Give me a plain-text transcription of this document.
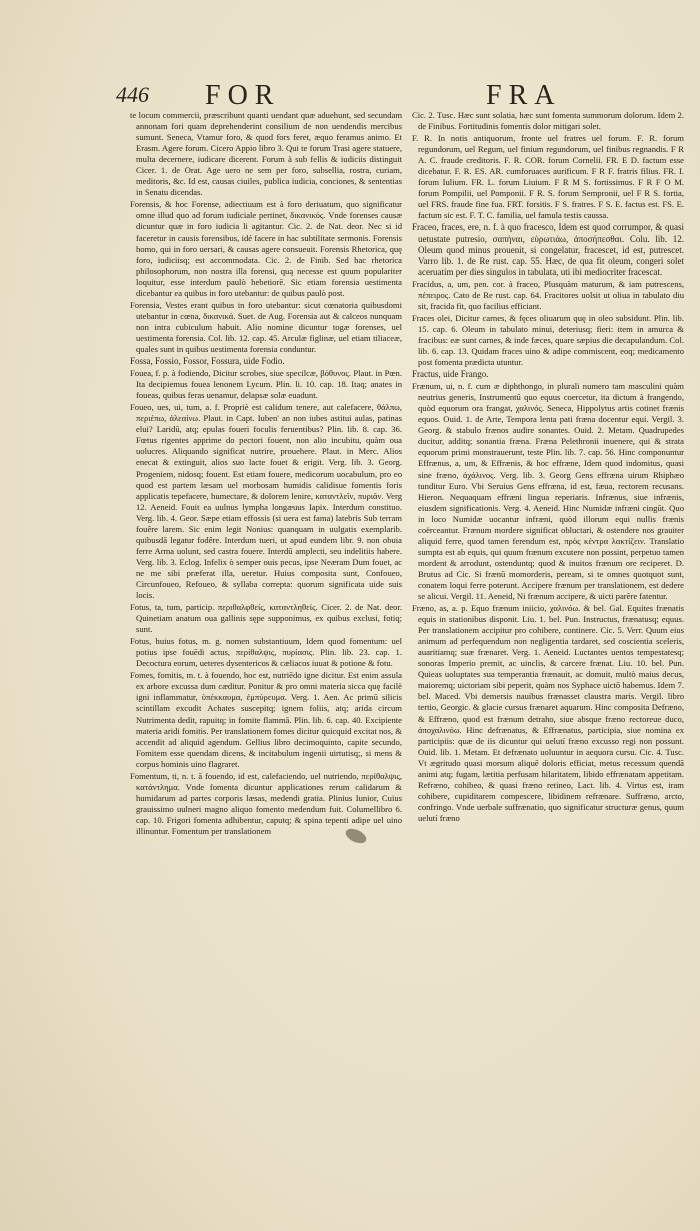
446 FOR	FRA

te locum commercii, præscribunt quanti uendant quæ aduehunt, sed secundam annonam fori quam deprehenderint consilium de non uendendis mercibus sumunt. Seneca, Vtamur foro, & quod fors feret, æquo feramus animo. Et Erasm. Agere forum. Cicero Appio libro 3. Qui te forum Trasi agere statuere, multa decernere, iudicare dicerent. Forum à sub fellis & iudiciis distinguit Cicer. 1. de Orat. Age uero ne sem per foro, subsellia, rostra, curiam, meditoris, &c. Id est, causas ciuiles, publica iudicia, conciones, & sententias in Senatu dicendas.

Forensis, & hoc Forense, adiectiuum est à foro deriuatum, quo significatur omne illud quo ad forum iudiciale pertinet, δικανικός. Vnde forenses causæ dicuntur quæ in foro iudicia li agitantur. Cic. 2. de Nat. deor. Nec si id faceretur in causis forensibus, idé facere in hac subtilitate sermonis. Forensis homo, qui in foro uersari, & causas agere consueuit. Forensis Rhetorica, quę foro, iudiciisq; est accommodata. Cic. 2. de Finib. Sed hac rhetorica philosophorum, non nostra illa forensi, quą necesse est quum populariter loquitur, esse interdum paulò hebetiorē. Sic etiam forensia uestimenta dicebantur ea quibus in foro utebantur: de quibus paulò post.

Forensia, Vestes erant quibus in foro utebantur: sicut cœnatoria quibusdomi utebantur in cœna, δικανικά. Suet. de Aug. Forensia aut & calceos nunquam non intra cubiculum habuit. Alio nomine dicuntur togæ forenses, uel uestimenta forensia. Col. lib. 12. cap. 45. Arculæ figlinæ, uel etiam tiliaceæ, quales sunt in quibus uestimenta forensia conduntur.

Fossa, Fossio, Fossor, Fossura, uide Fodio.

Fouea, f. p. à fodiendo, Dicitur scrobes, siue specilcæ, βόθυνος. Plaut. in Pœn. Ita decipiemus fouea lenonem Lycum. Plin. li. 10. cap. 18. Itaq; anates in foueas, quibus feras uenamur, delapsæ solæ euadunt.

Foueo, ues, ui, tum, a. f. Propriè est calidum tenere, aut calefacere, θάλπω, περιέπω, ἀλεαίνω. Plaut. in Capt. Iuben' an non iubes astitui aulas, patinas elui? Laridū, atq; epulas foueri foculis feruentibus? Plin. lib. 8. cap. 36. Fœtus rigentes apprime do pectori fouent, non alio incubitu, quàm oua uolucres. Aliquando significat nutrire, prouehere. Plaut. in Merc. Alios enecat & extinguit, alios suo lacte fouet & erigit. Verg. lib. 3. Georg. Progeniem, nidosq; fouent. Est etiam fouere, medicorum uocabulum, pro eo quod est partem læsam uel morbosam humidis calidisue fomentis foris applicatis tepefacere, humectare, & dolorem lenire, καταντλεῖν, πυριᾶν. Verg 12. Aeneid. Fouit ea uulnus lympha longæuus Iapix. Interdum constituo. Verg. lib. 4. Geor. Sæpe etiam effossis (si uera est fama) latebris Sub terram fouêre larem. Sic enim legit Nonius: quanquam in uulgatis exemplarib. quibusdā legatur fodêre. Interdum tueri, ut apud eundem libr. 9. non obuia ferre Arma uolunt, sed castra fouere. Interdū amplecti, seu indelitiis habere. Verg. lib. 3. Eclog. Infelix ò semper ouis pecus, ipse Neæram Dum fouet, ac ne me sibi præferat illa, ueretur. Huius composita sunt, Confoueo, Circunfoueo, Refoueo, & syllaba correpta: quorum significata uide suis locis.

Fotus, ta, tum, particip. περιθαλφθείς, καταντληθείς. Cicer. 2. de Nat. deor. Quinetiam anatum oua gallinis sępe supponimus, ex quibus exclusi, fotiq; sunt.

Fotus, huius fotus, m. g. nomen substantiuum, Idem quod fomentum: uel potius ipse fouēdi actus, περίθαλψις, πυρίασις. Plin. lib. 23. cap. 1. Decoctura eorum, ueteres dysentericos & cæliacos iuuat & potione & fotu.

Fomes, fomitis, m. t. à fouendo, hoc est, nutriēdo igne dicitur. Est enim assula ex arbore excussa dum cæditur. Ponitur & pro omni materia sicca quę facilè igni inflammatur, ὑπέκκαυμα, ἐμπύρευμα. Verg. 1. Aen. Ac primū silicis scintillam excudit Achates suscepitq; ignem foliis, atq; arida circum Nutrimenta dedit, rapuitq; in fomite flammā. Plin. lib. 6. cap. 40. Excipiente materia aridi fomitis. Per translationem fomes dicitur quicquid excitat nos, & accendit ad aliquid agendum. Gellius libro decimoquinto, capite secundo, Fomitem esse quendam dicens, & incitabulum ingenii uirtutisq;, si mens & corpus hominis uino flagraret.

Fomentum, ti, n. t. ā fouendo, id est, calefaciendo, uel nutriendo, περίθαλψις, κατάντλημα. Vnde fomenta dicuntur applicationes rerum calidarum & humidarum ad partes corporis læsas, medendi gratia. Plinius Iunior, Cuius grauissimo uulneri magno aliquo fomento medendum fuit. Columellibro 6. cap. 10. Frigori fomenta adhibentur, caputq; & spina tepenti adipe uel uino illinuntur. Fomentum per translationem

Cic. 2. Tusc. Hæc sunt solatia, hæc sunt fomenta summorum dolorum. Idem 2. de Finibus. Fortitudinis fomentis dolor mitigari solet.

F. R. In notis antiquorum, fronte uel fratres uel forum. F. R. forum regundorum, uel Regum, uel finium regundorum, uel finibus regnandis. F R A. C. fraude creditoris. F. R. COR. forum Cornelii. FR. E D. factum esse dicebatur. F. R. ES. AR. cumforuaces aurificum. F R F. fratris filius. FR. I. forum Iulium. FR. L. forum Liuium. F R M S. fortissimus. F R F O M. forum Pompilii, uel Pomponii. F R. S. forum Sempronii, uel F R S. fortia, uel FRS. fraude fine fua. FRT. forsitis. F S. fratres. F S. E. factus est. FS. E. factum sic est. F. T. C. familia, uel famula testis caussa.

Fraceo, fraces, ere, n. f. à quo fracesco, Idem est quod corrumpor, & quasi uetustate putresio, σαπήναι, εὐρωτιάω, ἀποσήπεσθαι. Colu. lib. 12. Oleum quod minus prouenit, si congelatur, fracescet, id est, putrescet. Varro lib. 1. de Re rust. cap. 55. Hæc, de qua fit oleum, congeri solet aceruatim per dies singulos in tabulata, uti ibi mediocriter fracescat.

Fracidus, a, um, pen. cor. à fraceo, Plusquàm maturum, & iam putrescens, πέπειρος. Cato de Re rust. cap. 64. Fracitores uolsit ut oliua in tabulato diu sit, fracida fit, quo facilius efficiant.

Fraces olei, Dicitur carnes, & fęces oliuarum quę in oleo subsidunt. Plin. lib. 15. cap. 6. Oleum in tabulato minui, deteriusq; fieri: item in amurca & fracibus: eæ sunt carnes, & inde fæces, quare sæpius die decapulandum. Col. lib. 6. cap. 13. Quidam fraces uino & adipe commiscent, eoq; medicamento post fomenta prædicta utuntur.

Fractus, uide Frango.

Frænum, ui, n. f. cum æ diphthongo, in plurali numero tam masculini quàm neutrius generis, Instrumentū quo equus coercetur, ita dictum à frangendo, quòd equorum ora frangat, χαλινός. Seneca, Hippolytus artis cotinet frænis equos. Ouid. 1. de Arte, Tempora lenta pati fræna docentur equi. Vergil. 3. Georg. & stabulo frænos audire sonantes. Ouid. 2. Metam. Quadrupedes ducitur, additq; sonantia fræna. Fræna Pelethronii inuenere, qui & strata equorum primi monstrauerunt, teste Plin. lib. 7. cap. 56. Hinc componuntur Effrænus, a, um, & Effrænis, & hoc effræne, Idem quod indomitus, quasi sine fræno, ἀχάλινος. Verg. lib. 3. Georg Gens effræna uirum Rhiphæo tunditur Euro. Vbi Seruius Gens effræna, id est, fæua, rectorem recusans. Hieron. Nequaquam effræni lingua reperiaris. Infrænus, siue infrænis, eiusdem significationis. Verg. 4. Aeneid. Hinc Numidæ infræni cingūt. Quo in loco Numidæ uocantur infræni, quòd illorum equi nullis frænis coërceantur. Frænum mordere significat obluctari, & ostendere nos grauiter aliquid ferre, quod tamen ferendum est, πρὸς κέντρα λακτίζειν. Translatio sumpta est ab equis, qui quum frænum excutere non possint, perpetuo tamen mordent & arrodunt, ostenduntq; quod & inuitos frænum ore reciperet. D. Brutus ad Cic. Si frænū momorderis, peream, si te omnes quotquot sunt, conatem loqui ferre poterunt. Accipere frænum per translationem, est dedere se alicui. Vergil. 11. Aeneid, Ni frænum accipere, & uicti parēre fatentur.

Fræno, as, a. p. Equo frænum iniicio, χαλινόω. & bel. Gal. Equites frænatis equis in stationibus disponit. Liu. 1. bel. Pun. Instructus, frænatusq; equus. Per translationem accipitur pro cohibere, continere. Cic. 5. Verr. Quum eius animum ad perfequendum non negligentia tardaret, sed coscientia sceleris, auaritiamq; suæ frænaret. Verg. 1. Aeneid. Luctantes uentos tempestatesq; sonoras Imperio premit, ac uinclis, & carcere frænat. Liu. 10. bel. Pun. Quieas uoluptates sua temperantia frænauit, ac domuit, multò maius decus, maioremq; uictoriam sibi peperit, quàm nos Syphace uictō habemus. Idem 7. bel. Maced. Vbi demersis nauibus frænasset claustra maris. Vergil. libro tertio, Georgic. & glacie cursus frænaret aquarum. Hinc composita Defræno, & Effræno, quod est frænum detraho, siue absque fræno rectoreue duco, ἀποχαλινόω. Hinc defrænatus, & Effrænatus, participia, siue nomina ex participiis: quæ de iis dicuntur qui uelutí fræno excusso regi non possunt. Ouid. lib. 1. Metam. Et defrænato uoluuntur in aequora cursu. Cic. 4. Tusc. Vt ægritudo quasi morsum aliquē doloris efficiat, metus recessum quendā animi atq; fugam, lætitia perfusam hilaritatem, libido effrænatam appetitam. Refræno, cohibeo, & quasi fræno retineo, Lact. lib. 4. Virtus est, iram cohibere, cupiditarem compescere, libidinem refrænare. Suffræno, arcto, confringo. Vnde uerbale suffrænatio, quo significatur structuræ genus, quum uelutí fræno
